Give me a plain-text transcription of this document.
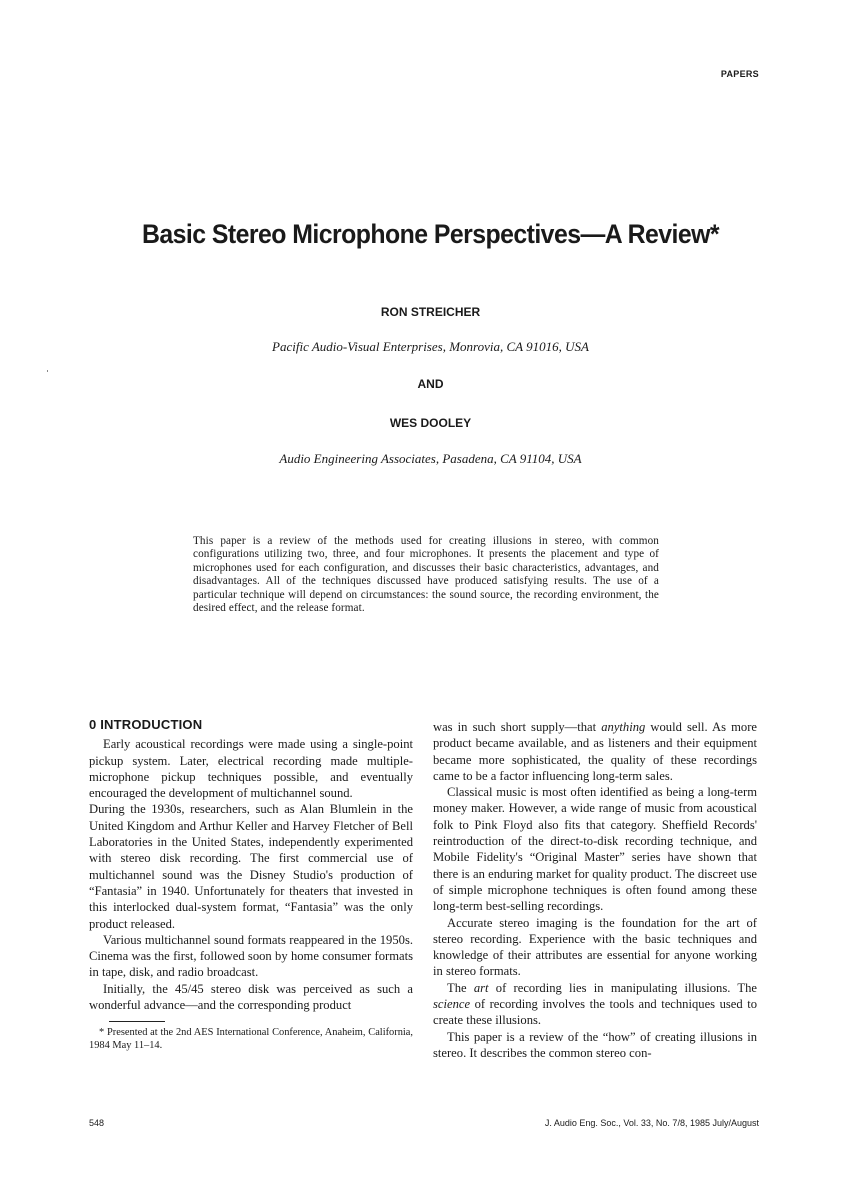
PAPERS
Basic Stereo Microphone Perspectives—A Review*
RON STREICHER
Pacific Audio-Visual Enterprises, Monrovia, CA 91016, USA
AND
WES DOOLEY
Audio Engineering Associates, Pasadena, CA 91104, USA
This paper is a review of the methods used for creating illusions in stereo, with common configurations utilizing two, three, and four microphones. It presents the placement and type of microphones used for each configuration, and discusses their basic characteristics, advantages, and disadvantages. All of the techniques discussed have produced satisfying results. The use of a particular technique will depend on circumstances: the sound source, the recording environment, the desired effect, and the release format.

0 INTRODUCTION

Early acoustical recordings were made using a single-point pickup system. Later, electrical recording made multiple-microphone pickup techniques possible, and eventually encouraged the development of multichannel sound.

During the 1930s, researchers, such as Alan Blumlein in the United Kingdom and Arthur Keller and Harvey Fletcher of Bell Laboratories in the United States, independently experimented with stereo disk recording. The first commercial use of multichannel sound was the Disney Studio's production of “Fantasia” in 1940. Unfortunately for theaters that invested in this interlocked dual-system format, “Fantasia” was the only product released.

Various multichannel sound formats reappeared in the 1950s. Cinema was the first, followed soon by home consumer formats in tape, disk, and radio broadcast.

Initially, the 45/45 stereo disk was perceived as such a wonderful advance—and the corresponding product

* Presented at the 2nd AES International Conference, Anaheim, California, 1984 May 11–14.

was in such short supply—that anything would sell. As more product became available, and as listeners and their equipment became more sophisticated, the quality of these recordings came to be a factor influencing long-term sales.

Classical music is most often identified as being a long-term money maker. However, a wide range of music from acoustical folk to Pink Floyd also fits that category. Sheffield Records' reintroduction of the direct-to-disk recording technique, and Mobile Fidelity's “Original Master” series have shown that there is an enduring market for quality product. The discreet use of simple microphone techniques is often found among these long-term best-selling recordings.

Accurate stereo imaging is the foundation for the art of stereo recording. Experience with the basic techniques and knowledge of their attributes are essential for anyone working in stereo formats.

The art of recording lies in manipulating illusions. The science of recording involves the tools and techniques used to create these illusions.

This paper is a review of the “how” of creating illusions in stereo. It describes the common stereo con-

548	J. Audio Eng. Soc., Vol. 33, No. 7/8, 1985 July/August
